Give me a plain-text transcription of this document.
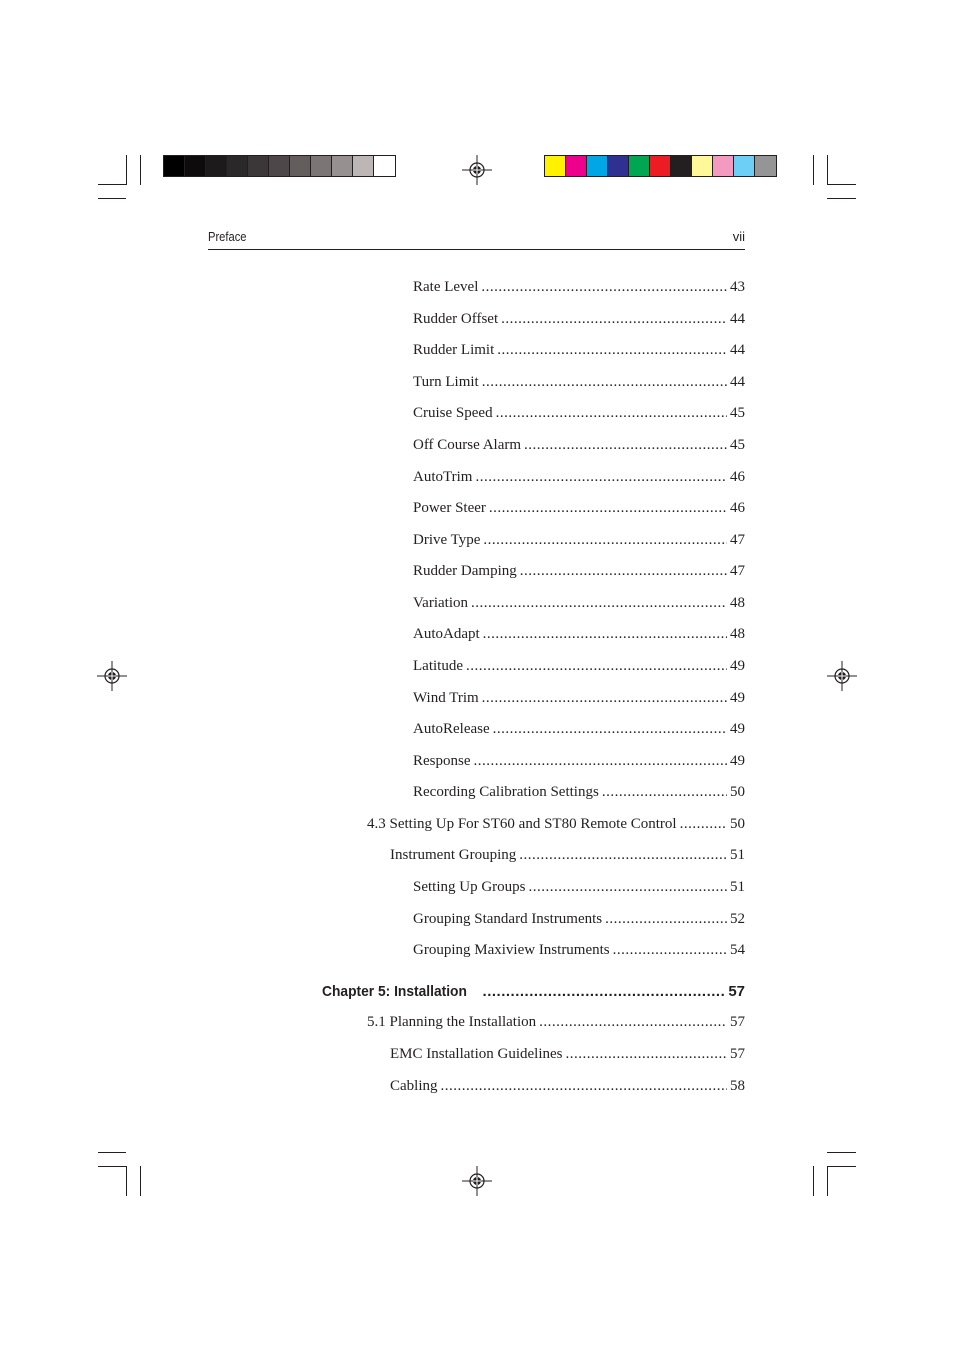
Preface	vii
Rate Level .....	43
Rudder Offset .....	44
Rudder Limit .....	44
Turn Limit .....	44
Cruise Speed .....	45
Off Course Alarm .....	45
AutoTrim .....	46
Power Steer .....	46
Drive Type .....	47
Rudder Damping .....	47
Variation .....	48
AutoAdapt .....	48
Latitude .....	49
Wind Trim .....	49
AutoRelease .....	49
Response .....	49
Recording Calibration Settings .....	50
4.3 Setting Up For ST60 and ST80 Remote Control .....	50
Instrument Grouping .....	51
Setting Up Groups .....	51
Grouping Standard Instruments .....	52
Grouping Maxiview Instruments .....	54
Chapter 5: Installation .....	57
5.1 Planning the Installation .....	57
EMC Installation Guidelines .....	57
Cabling .....	58
